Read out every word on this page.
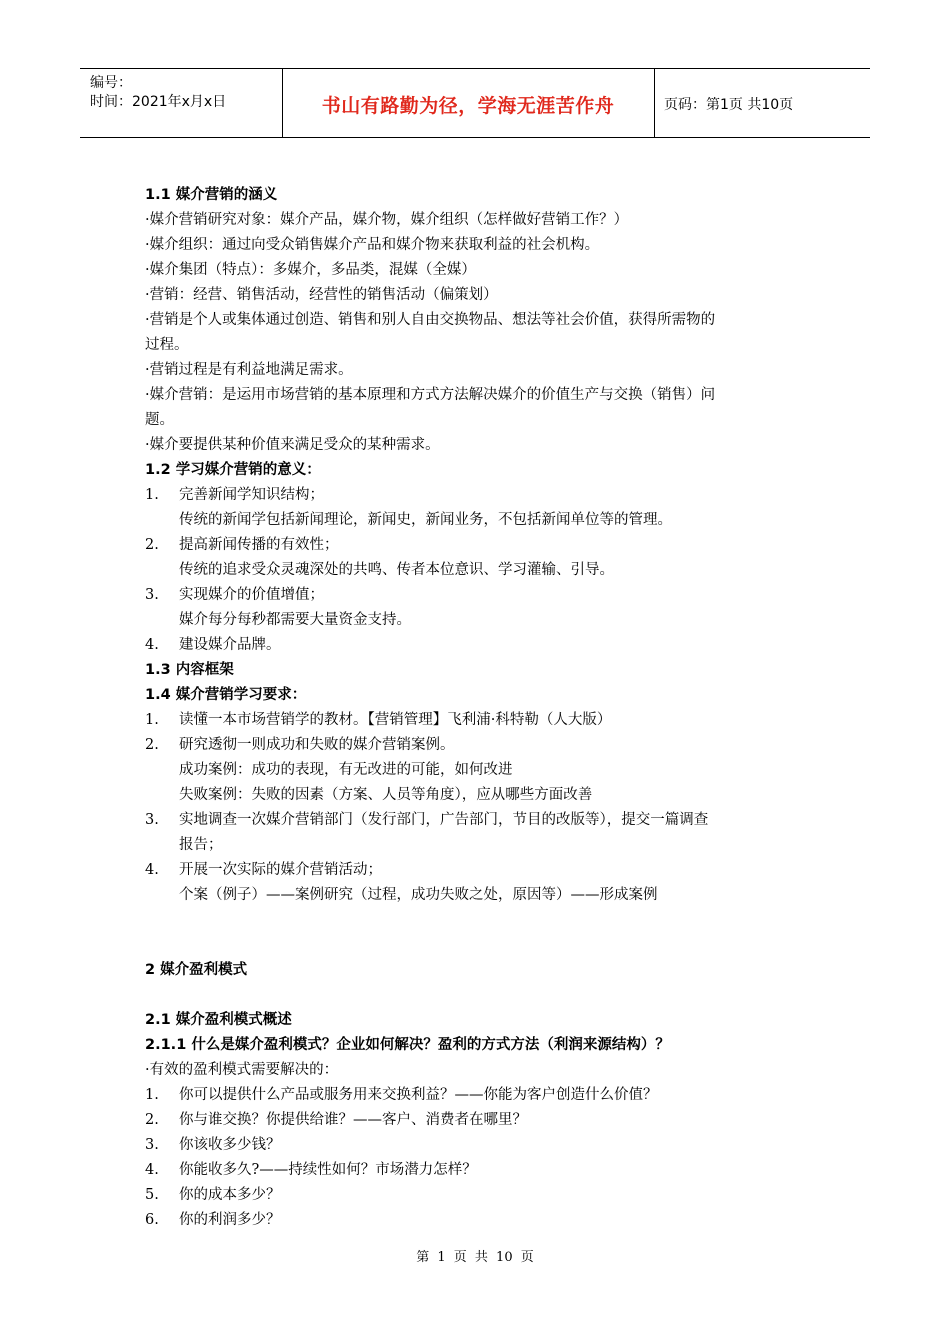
编号：
时间：2021年x月x日	书山有路勤为径，学海无涯苦作舟	页码：第1页 共10页
1.1 媒介营销的涵义
·媒介营销研究对象：媒介产品，媒介物，媒介组织（怎样做好营销工作？）
·媒介组织：通过向受众销售媒介产品和媒介物来获取利益的社会机构。
·媒介集团（特点）：多媒介，多品类，混媒（全媒）
·营销：经营、销售活动，经营性的销售活动（偏策划）
·营销是个人或集体通过创造、销售和别人自由交换物品、想法等社会价值，获得所需物的
过程。
·营销过程是有利益地满足需求。
·媒介营销：是运用市场营销的基本原理和方式方法解决媒介的价值生产与交换（销售）问
题。
·媒介要提供某种价值来满足受众的某种需求。
1.2 学习媒介营销的意义：
1. 完善新闻学知识结构；
传统的新闻学包括新闻理论，新闻史，新闻业务，不包括新闻单位等的管理。
2. 提高新闻传播的有效性；
传统的追求受众灵魂深处的共鸣、传者本位意识、学习灌输、引导。
3. 实现媒介的价值增值；
媒介每分每秒都需要大量资金支持。
4. 建设媒介品牌。
1.3 内容框架
1.4 媒介营销学习要求：
1. 读懂一本市场营销学的教材。【营销管理】飞利浦·科特勒（人大版）
2. 研究透彻一则成功和失败的媒介营销案例。
成功案例：成功的表现，有无改进的可能，如何改进
失败案例：失败的因素（方案、人员等角度），应从哪些方面改善
3. 实地调查一次媒介营销部门（发行部门，广告部门，节目的改版等），提交一篇调查
报告；
4. 开展一次实际的媒介营销活动；
个案（例子）——案例研究（过程，成功失败之处，原因等）——形成案例
2 媒介盈利模式
2.1 媒介盈利模式概述
2.1.1 什么是媒介盈利模式？企业如何解决？盈利的方式方法（利润来源结构）？
·有效的盈利模式需要解决的：
1. 你可以提供什么产品或服务用来交换利益？——你能为客户创造什么价值？
2. 你与谁交换？你提供给谁？——客户、消费者在哪里？
3. 你该收多少钱？
4. 你能收多久?——持续性如何？市场潜力怎样？
5. 你的成本多少？
6. 你的利润多少？
第 1 页 共 10 页
